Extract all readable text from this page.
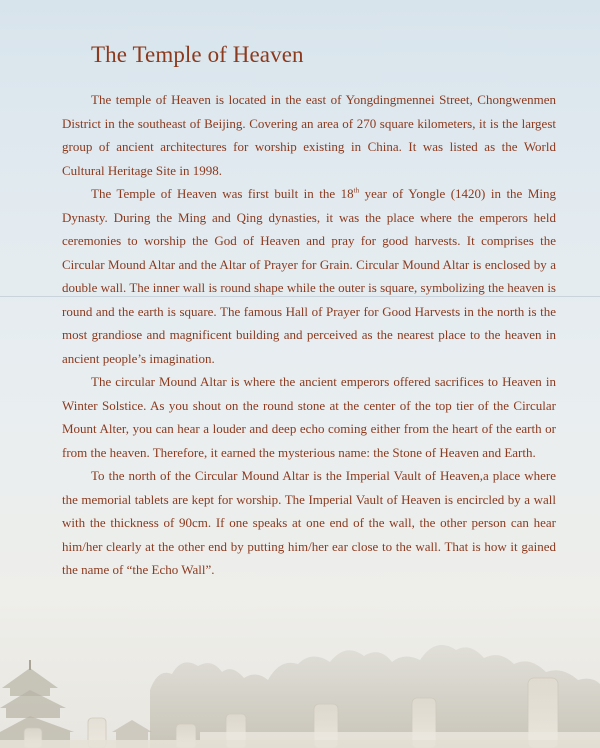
The Temple of Heaven

The temple of Heaven is located in the east of Yongdingmennei Street, Chongwenmen District in the southeast of Beijing. Covering an area of 270 square kilometers, it is the largest group of ancient architectures for worship existing in China. It was listed as the World Cultural Heritage Site in 1998.

The Temple of Heaven was first built in the 18th year of Yongle (1420) in the Ming Dynasty. During the Ming and Qing dynasties, it was the place where the emperors held ceremonies to worship the God of Heaven and pray for good harvests. It comprises the Circular Mound Altar and the Altar of Prayer for Grain. Circular Mound Altar is enclosed by a double wall. The inner wall is round shape while the outer is square, symbolizing the heaven is round and the earth is square. The famous Hall of Prayer for Good Harvests in the north is the most grandiose and magnificent building and perceived as the nearest place to the heaven in ancient people’s imagination.

The circular Mound Altar is where the ancient emperors offered sacrifices to Heaven in Winter Solstice. As you shout on the round stone at the center of the top tier of the Circular Mount Alter, you can hear a louder and deep echo coming either from the heart of the earth or from the heaven. Therefore, it earned the mysterious name: the Stone of Heaven and Earth.

To the north of the Circular Mound Altar is the Imperial Vault of Heaven,a place where the memorial tablets are kept for worship. The Imperial Vault of Heaven is encircled by a wall with the thickness of 90cm. If one speaks at one end of the wall, the other person can hear him/her clearly at the other end by putting him/her ear close to the wall. That is how it gained the name of “the Echo Wall”.
